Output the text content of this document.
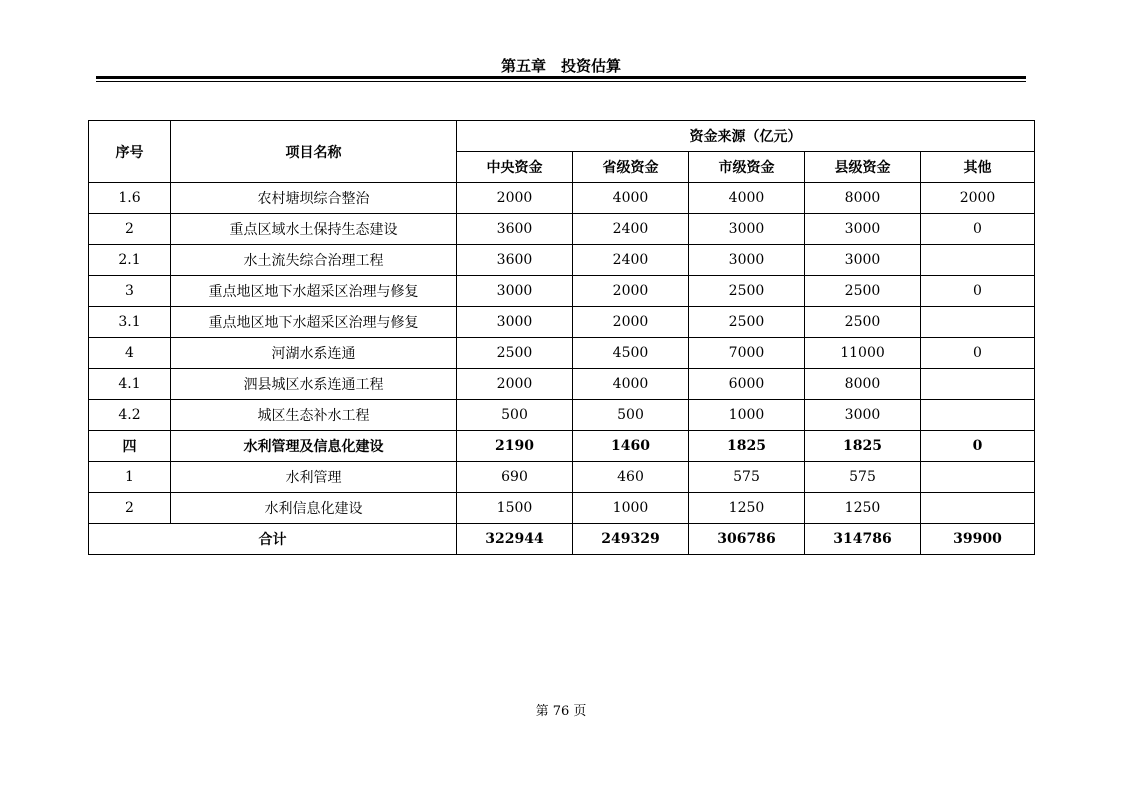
第五章　投资估算
序号	项目名称	资金来源（亿元）				
		中央资金	省级资金	市级资金	县级资金	其他
1.6	农村塘坝综合整治	2000	4000	4000	8000	2000
2	重点区域水土保持生态建设	3600	2400	3000	3000	0
2.1	水土流失综合治理工程	3600	2400	3000	3000	
3	重点地区地下水超采区治理与修复	3000	2000	2500	2500	0
3.1	重点地区地下水超采区治理与修复	3000	2000	2500	2500	
4	河湖水系连通	2500	4500	7000	11000	0
4.1	泗县城区水系连通工程	2000	4000	6000	8000	
4.2	城区生态补水工程	500	500	1000	3000	
四	水利管理及信息化建设	2190	1460	1825	1825	0
1	水利管理	690	460	575	575	
2	水利信息化建设	1500	1000	1250	1250	
合计		322944	249329	306786	314786	39900
第 76 页
